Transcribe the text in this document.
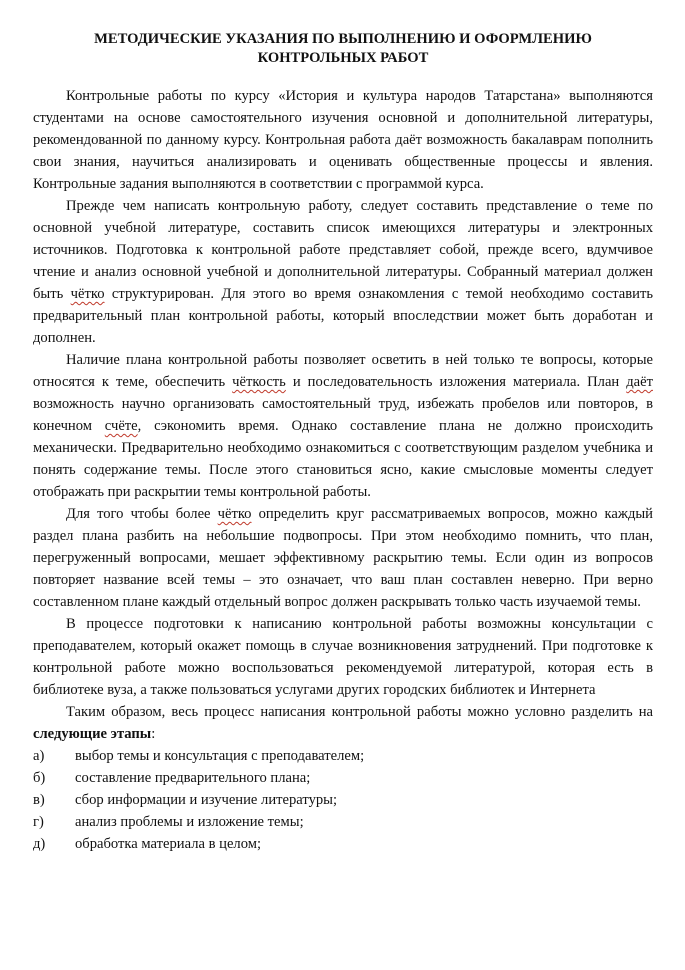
МЕТОДИЧЕСКИЕ УКАЗАНИЯ ПО ВЫПОЛНЕНИЮ И ОФОРМЛЕНИЮ КОНТРОЛЬНЫХ РАБОТ

Контрольные работы по курсу «История и культура народов Татарстана» выполняются студентами на основе самостоятельного изучения основной и дополнительной литературы, рекомендованной по данному курсу. Контрольная работа даёт возможность бакалаврам пополнить свои знания, научиться анализировать и оценивать общественные процессы и явления. Контрольные задания выполняются в соответствии с программой курса.

Прежде чем написать контрольную работу, следует составить представление о теме по основной учебной литературе, составить список имеющихся литературы и электронных источников. Подготовка к контрольной работе представляет собой, прежде всего, вдумчивое чтение и анализ основной учебной и дополнительной литературы. Собранный материал должен быть чётко структурирован. Для этого во время ознакомления с темой необходимо составить предварительный план контрольной работы, который впоследствии может быть доработан и дополнен.

Наличие плана контрольной работы позволяет осветить в ней только те вопросы, которые относятся к теме, обеспечить чёткость и последовательность изложения материала. План даёт возможность научно организовать самостоятельный труд, избежать пробелов или повторов, в конечном счёте, сэкономить время. Однако составление плана не должно происходить механически. Предварительно необходимо ознакомиться с соответствующим разделом учебника и понять содержание темы. После этого становиться ясно, какие смысловые моменты следует отображать при раскрытии темы контрольной работы.

Для того чтобы более чётко определить круг рассматриваемых вопросов, можно каждый раздел плана разбить на небольшие подвопросы. При этом необходимо помнить, что план, перегруженный вопросами, мешает эффективному раскрытию темы. Если один из вопросов повторяет название всей темы – это означает, что ваш план составлен неверно. При верно составленном плане каждый отдельный вопрос должен раскрывать только часть изучаемой темы.

В процессе подготовки к написанию контрольной работы возможны консультации с преподавателем, который окажет помощь в случае возникновения затруднений. При подготовке к контрольной работе можно воспользоваться рекомендуемой литературой, которая есть в библиотеке вуза, а также пользоваться услугами других городских библиотек и Интернета

Таким образом, весь процесс написания контрольной работы можно условно разделить на следующие этапы:

а)	выбор темы и консультация с преподавателем;
б)	составление предварительного плана;
в)	сбор информации и изучение литературы;
г)	анализ проблемы и изложение темы;
д)	обработка материала в целом;
